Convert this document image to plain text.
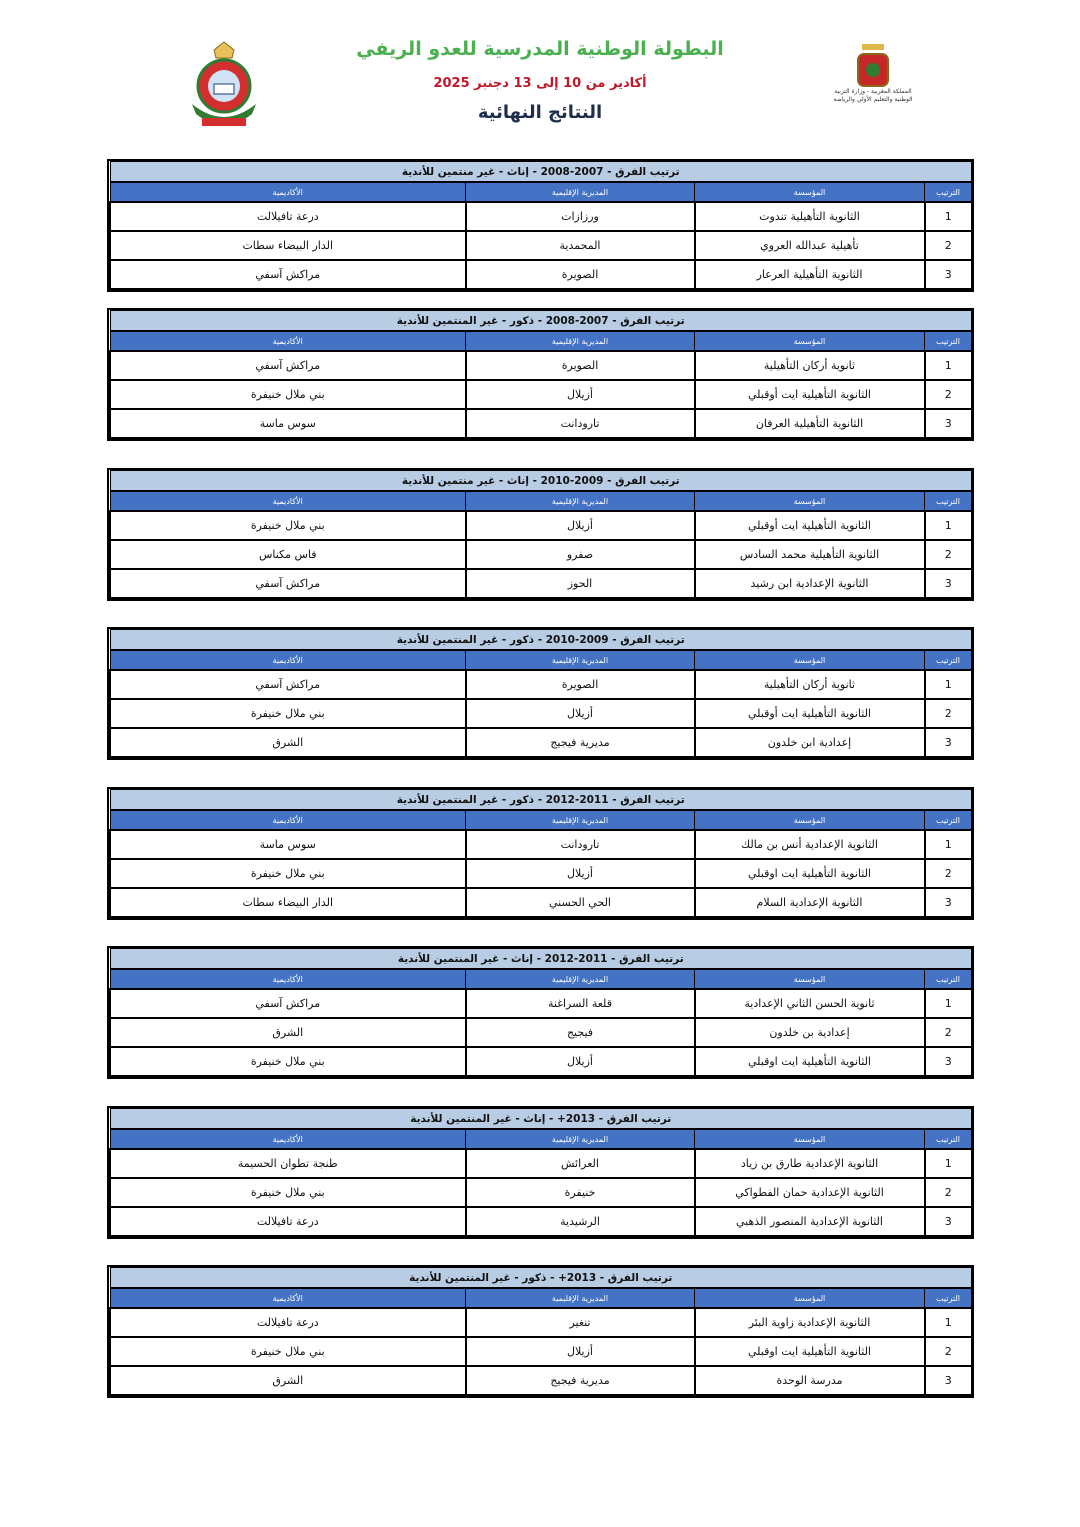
المملكة المغربية - وزارة التربية الوطنية والتعليم الأولي والرياضة
البطولة الوطنية المدرسية للعدو الريفي
أكادير من 10 إلى 13 دجنبر 2025
النتائج النهائية
ترتيب الفرق - 2007-2008 - إناث - غير منتمين للأندية			
الترتيب	المؤسسة	المديرية الإقليمية	الأكاديمية
1	الثانوية التأهيلية تندوت	ورزازات	درعة تافيلالت
2	تأهيلية عبدالله العروي	المحمدية	الدار البيضاء سطات
3	الثانوية التأهيلية العرعار	الصويرة	مراكش آسفي
ترتيب الفرق - 2007-2008 - ذكور - غير المنتمين للأندية			
الترتيب	المؤسسة	المديرية الإقليمية	الأكاديمية
1	ثانوية أركان التأهيلية	الصويرة	مراكش آسفي
2	الثانوية التأهيلية ايت أوقبلي	أزيلال	بني ملال خنيفرة
3	الثانوية التأهيلية العرفان	تارودانت	سوس ماسة
ترتيب الفرق - 2009-2010 - إناث - غير منتمين للأندية			
الترتيب	المؤسسة	المديرية الإقليمية	الأكاديمية
1	الثانوية التأهيلية ايت أوقبلي	أزيلال	بني ملال خنيفرة
2	الثانوية التأهيلية محمد السادس	صفرو	فاس مكناس
3	الثانوية الإعدادية ابن رشيد	الحوز	مراكش آسفي
ترتيب الفرق - 2009-2010 - ذكور - غير المنتمين للأندية			
الترتيب	المؤسسة	المديرية الإقليمية	الأكاديمية
1	ثانوية أركان التأهيلية	الصويرة	مراكش آسفي
2	الثانوية التأهيلية ايت أوقبلي	أزيلال	بني ملال خنيفرة
3	إعدادية ابن خلدون	مديرية فيجيج	الشرق
ترتيب الفرق - 2011-2012 - ذكور - غير المنتمين للأندية			
الترتيب	المؤسسة	المديرية الإقليمية	الأكاديمية
1	الثانوية الإعدادية أنس بن مالك	تارودانت	سوس ماسة
2	الثانوية التأهيلية ايت اوقبلي	أزيلال	بني ملال خنيفرة
3	الثانوية الإعدادية السلام	الحي الحسني	الدار البيضاء سطات
ترتيب الفرق - 2011-2012 - إناث - غير المنتمين للأندية			
الترتيب	المؤسسة	المديرية الإقليمية	الأكاديمية
1	ثانوية الحسن الثاني الإعدادية	قلعة السراغنة	مراكش آسفي
2	إعدادية بن خلدون	فيجيج	الشرق
3	الثانوية التأهيلية ايت اوقبلي	أزيلال	بني ملال خنيفرة
ترتيب الفرق - 2013+ - إناث - غير المنتمين للأندية			
الترتيب	المؤسسة	المديرية الإقليمية	الأكاديمية
1	الثانوية الإعدادية طارق بن زياد	العرائش	طنجة تطوان الحسيمة
2	الثانوية الإعدادية حمان الفطواكي	خنيفرة	بني ملال خنيفرة
3	الثانوية الإعدادية المنصور الذهبي	الرشيدية	درعة تافيلالت
ترتيب الفرق - 2013+ - ذكور - غير المنتمين للأندية			
الترتيب	المؤسسة	المديرية الإقليمية	الأكاديمية
1	الثانوية الإعدادية زاوية البئر	تنغير	درعة تافيلالت
2	الثانوية التأهيلية ايت اوقبلي	أزيلال	بني ملال خنيفرة
3	مدرسة الوحدة	مديرية فيجيج	الشرق
